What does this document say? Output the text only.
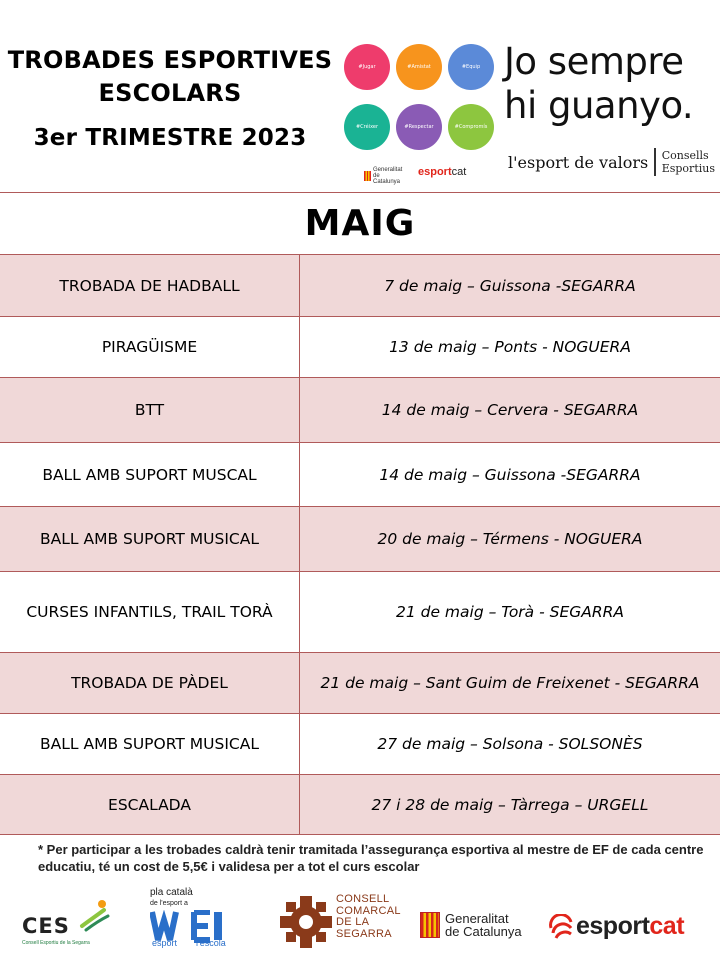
TROBADES ESPORTIVES
ESCOLARS
3er TRIMESTRE 2023
#Jugar	#Amistat	#Equip
#Créixer	#Respectar	#Compromís
Generalitat de Catalunya
esportcat
Jo sempre
hi guanyo.
l'esport de valors Consells
Esportius
MAIG
TROBADA DE HADBALL	7 de maig – Guissona -SEGARRA
PIRAGÜISME	13 de maig – Ponts - NOGUERA
BTT	14 de maig – Cervera - SEGARRA
BALL AMB SUPORT MUSCAL	14 de maig – Guissona -SEGARRA
BALL AMB SUPORT MUSICAL	20 de maig – Térmens - NOGUERA
CURSES INFANTILS, TRAIL TORÀ	21 de maig – Torà - SEGARRA
TROBADA DE PÀDEL	21 de maig – Sant Guim de Freixenet - SEGARRA
BALL AMB SUPORT MUSICAL	27 de maig – Solsona - SOLSONÈS
ESCALADA	27 i 28 de maig – Tàrrega – URGELL
* Per participar a les trobades caldrà tenir tramitada l’assegurança esportiva al mestre de EF de cada centre educatiu, té un cost de 5,5€ i validesa per a tot el curs escolar
CES
Consell Esportiu de la Segarra
pla català
de l'esport a
esport l'escola
CONSELL
COMARCAL
DE LA
SEGARRA
Generalitat
de Catalunya esportcat
